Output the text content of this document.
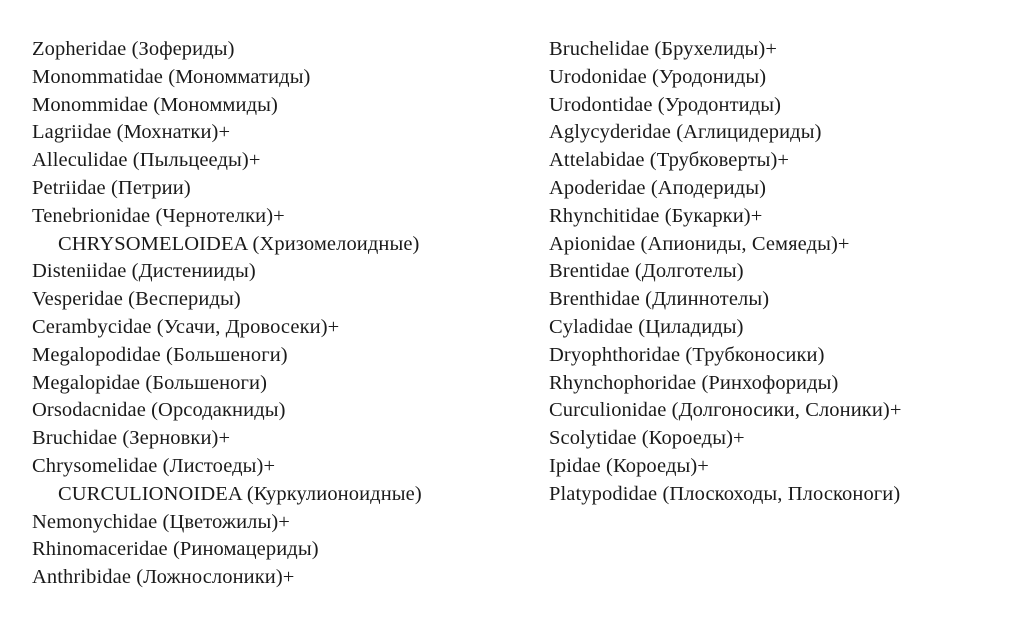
Zopheridae (Зофериды)
Monommatidae (Мономматиды)
Monommidae (Мономмиды)
Lagriidae (Мохнатки)+
Alleculidae (Пыльцееды)+
Petriidae (Петрии)
Tenebrionidae (Чернотелки)+
CHRYSOMELOIDEA (Хризомелоидные)
Disteniidae (Дистенииды)
Vesperidae (Веспериды)
Cerambycidae (Усачи, Дровосеки)+
Megalopodidae (Большеноги)
Megalopidae (Большеноги)
Orsodacnidae (Орсодакниды)
Bruchidae (Зерновки)+
Chrysomelidae (Листоеды)+
CURCULIONOIDEA (Куркулионоидные)
Nemonychidae (Цветожилы)+
Rhinomaceridae (Риномацериды)
Anthribidae (Ложнослоники)+
Bruchelidae (Брухелиды)+
Urodonidae (Уродониды)
Urodontidae (Уродонтиды)
Aglycyderidae (Аглицидериды)
Attelabidae (Трубковерты)+
Apoderidae (Аподериды)
Rhynchitidae (Букарки)+
Apionidae (Апиониды, Семяеды)+
Brentidae (Долготелы)
Brenthidae (Длиннотелы)
Cyladidae (Циладиды)
Dryophthoridae (Трубконосики)
Rhynchophoridae (Ринхофориды)
Curculionidae (Долгоносики, Слоники)+
Scolytidae (Короеды)+
Ipidae (Короеды)+
Platypodidae (Плоскоходы, Плосконоги)
